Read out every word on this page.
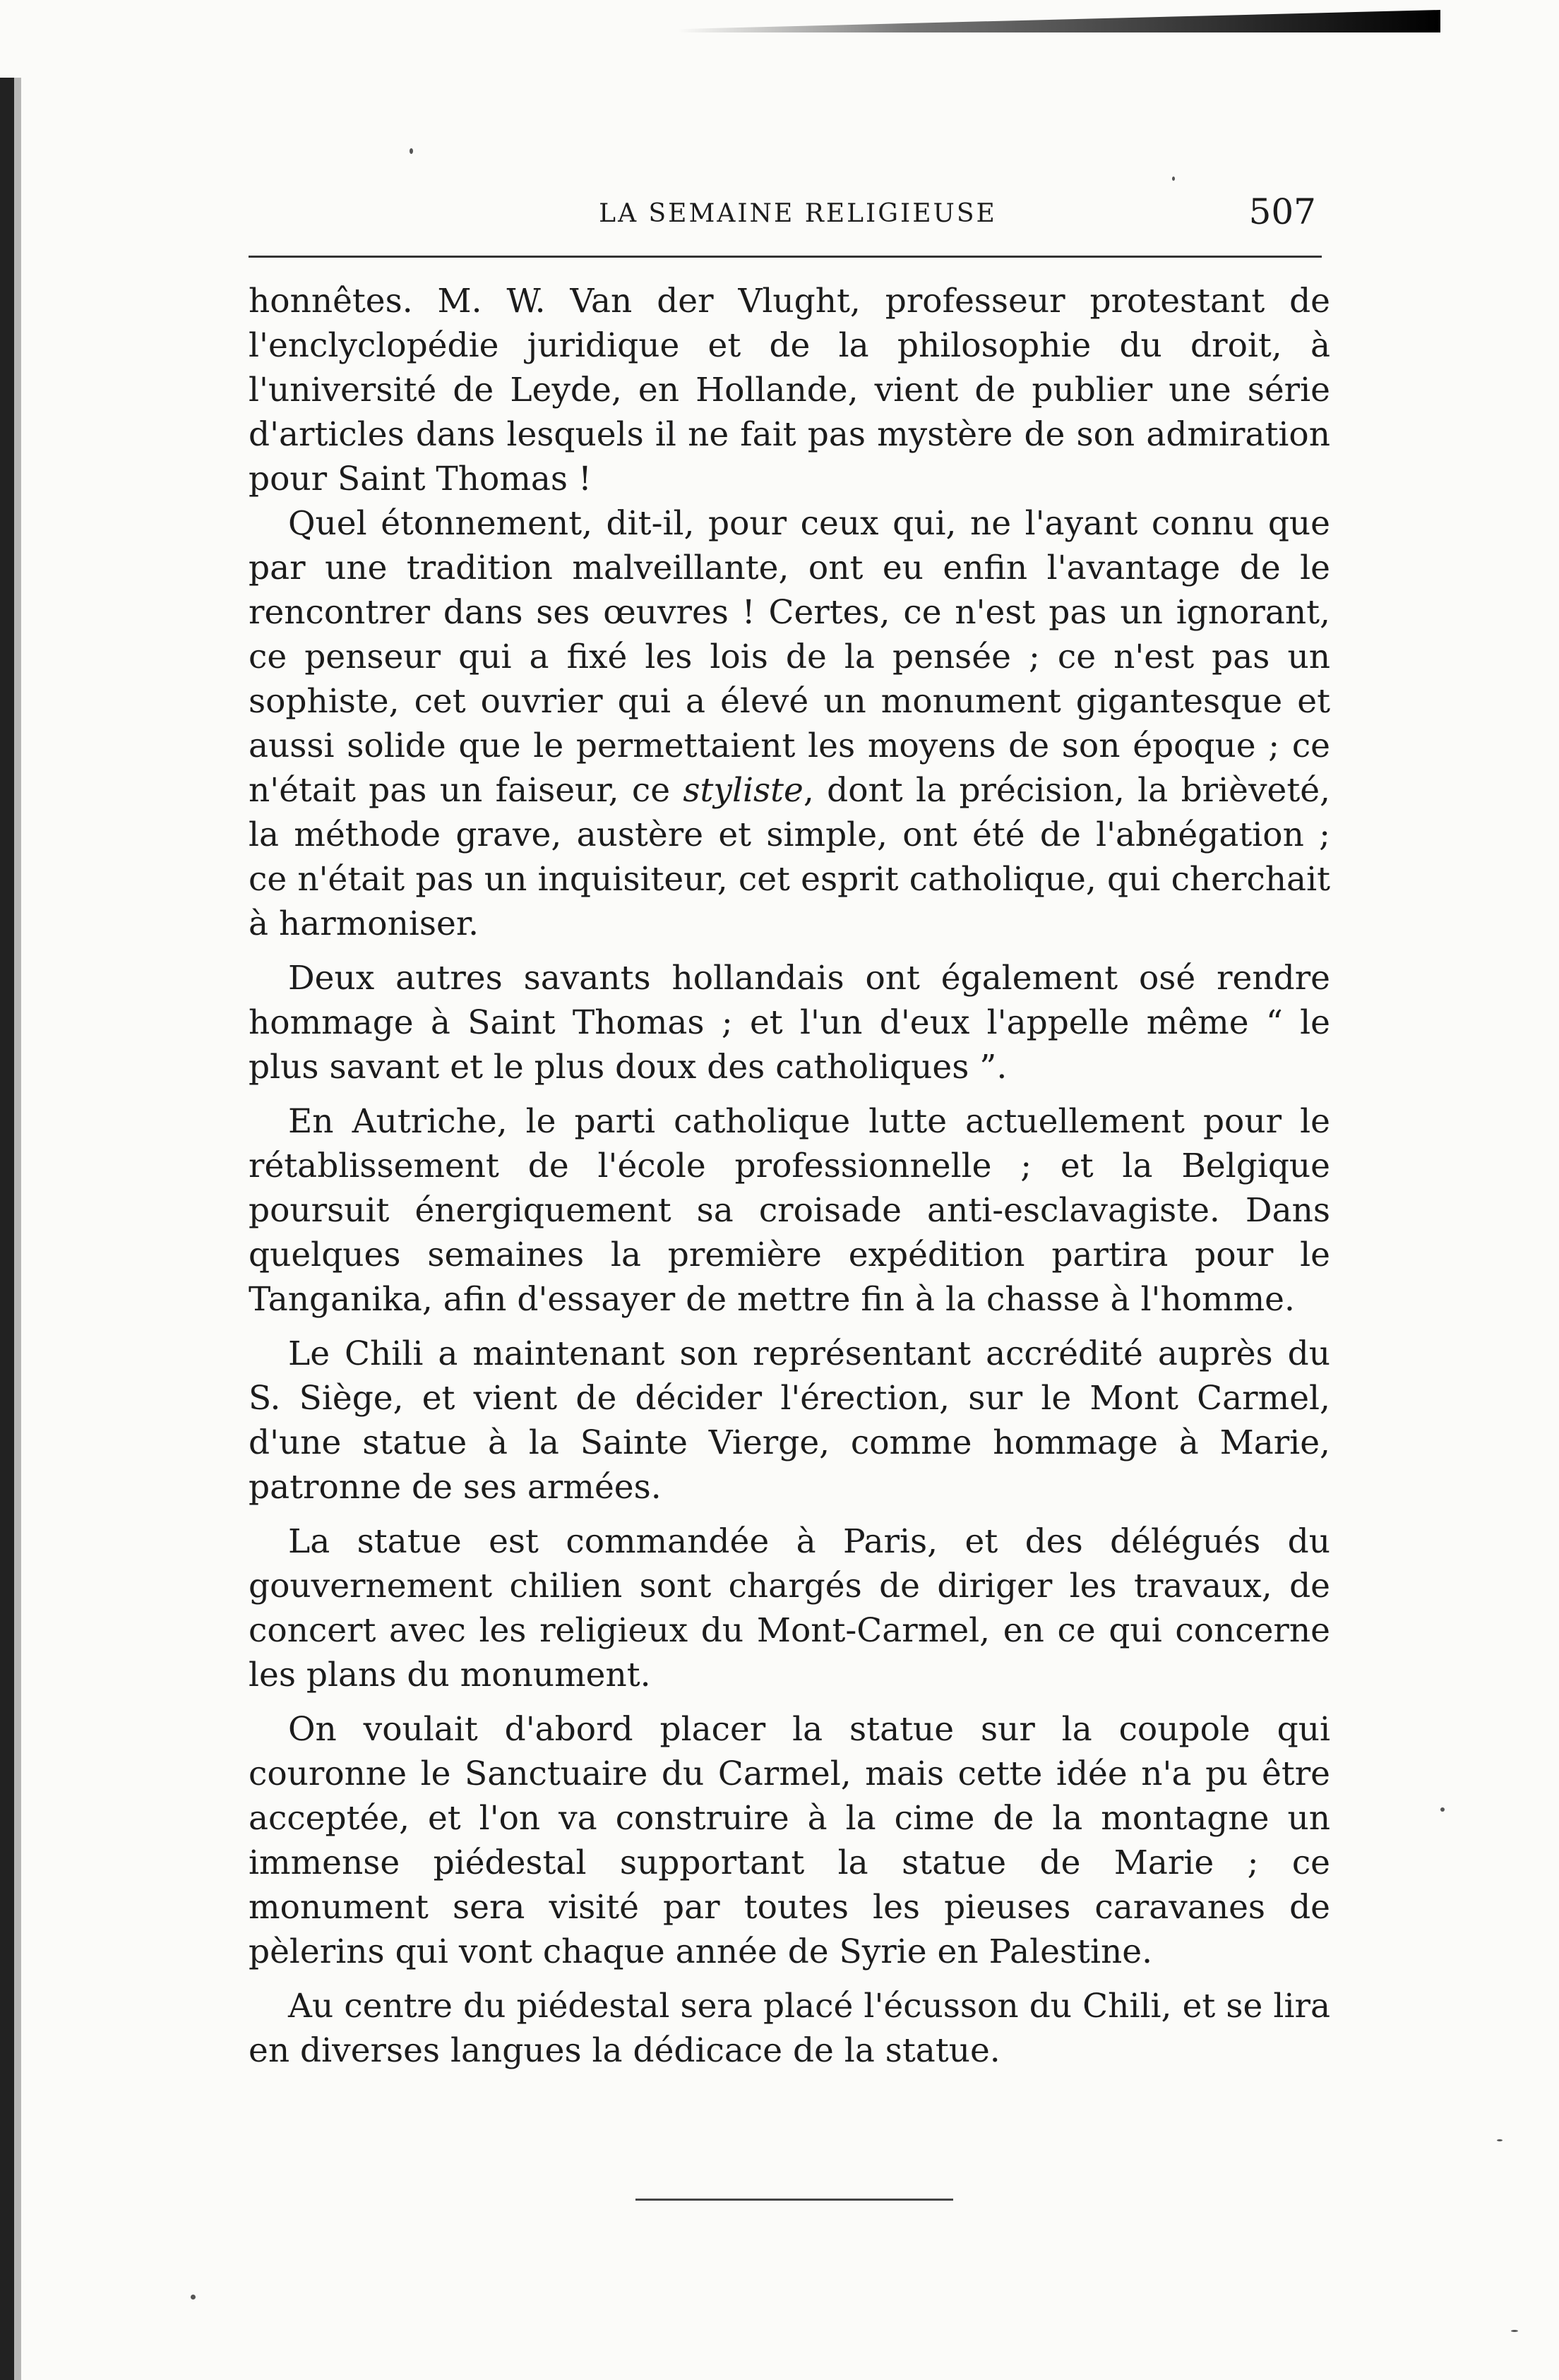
LA SEMAINE RELIGIEUSE	507

honnêtes. M. W. Van der Vlught, professeur protestant de l'enclyclopédie juridique et de la philosophie du droit, à l'université de Leyde, en Hollande, vient de publier une série d'articles dans lesquels il ne fait pas mystère de son admiration pour Saint Thomas !

Quel étonnement, dit-il, pour ceux qui, ne l'ayant connu que par une tradition malveillante, ont eu enfin l'avantage de le rencontrer dans ses œuvres ! Certes, ce n'est pas un ignorant, ce penseur qui a fixé les lois de la pensée ; ce n'est pas un sophiste, cet ouvrier qui a élevé un monument gigantesque et aussi solide que le permettaient les moyens de son époque ; ce n'était pas un faiseur, ce styliste, dont la précision, la brièveté, la méthode grave, austère et simple, ont été de l'abnégation ; ce n'était pas un inquisiteur, cet esprit catholique, qui cherchait à harmoniser.

Deux autres savants hollandais ont également osé rendre hommage à Saint Thomas ; et l'un d'eux l'appelle même “ le plus savant et le plus doux des catholiques ”.

En Autriche, le parti catholique lutte actuellement pour le rétablissement de l'école professionnelle ; et la Belgique poursuit énergiquement sa croisade anti-esclavagiste. Dans quelques semaines la première expédition partira pour le Tanganika, afin d'essayer de mettre fin à la chasse à l'homme.

Le Chili a maintenant son représentant accrédité auprès du S. Siège, et vient de décider l'érection, sur le Mont Carmel, d'une statue à la Sainte Vierge, comme hommage à Marie, patronne de ses armées.

La statue est commandée à Paris, et des délégués du gouvernement chilien sont chargés de diriger les travaux, de concert avec les religieux du Mont-Carmel, en ce qui concerne les plans du monument.

On voulait d'abord placer la statue sur la coupole qui couronne le Sanctuaire du Carmel, mais cette idée n'a pu être acceptée, et l'on va construire à la cime de la montagne un immense piédestal supportant la statue de Marie ; ce monument sera visité par toutes les pieuses caravanes de pèlerins qui vont chaque année de Syrie en Palestine.

Au centre du piédestal sera placé l'écusson du Chili, et se lira en diverses langues la dédicace de la statue.
